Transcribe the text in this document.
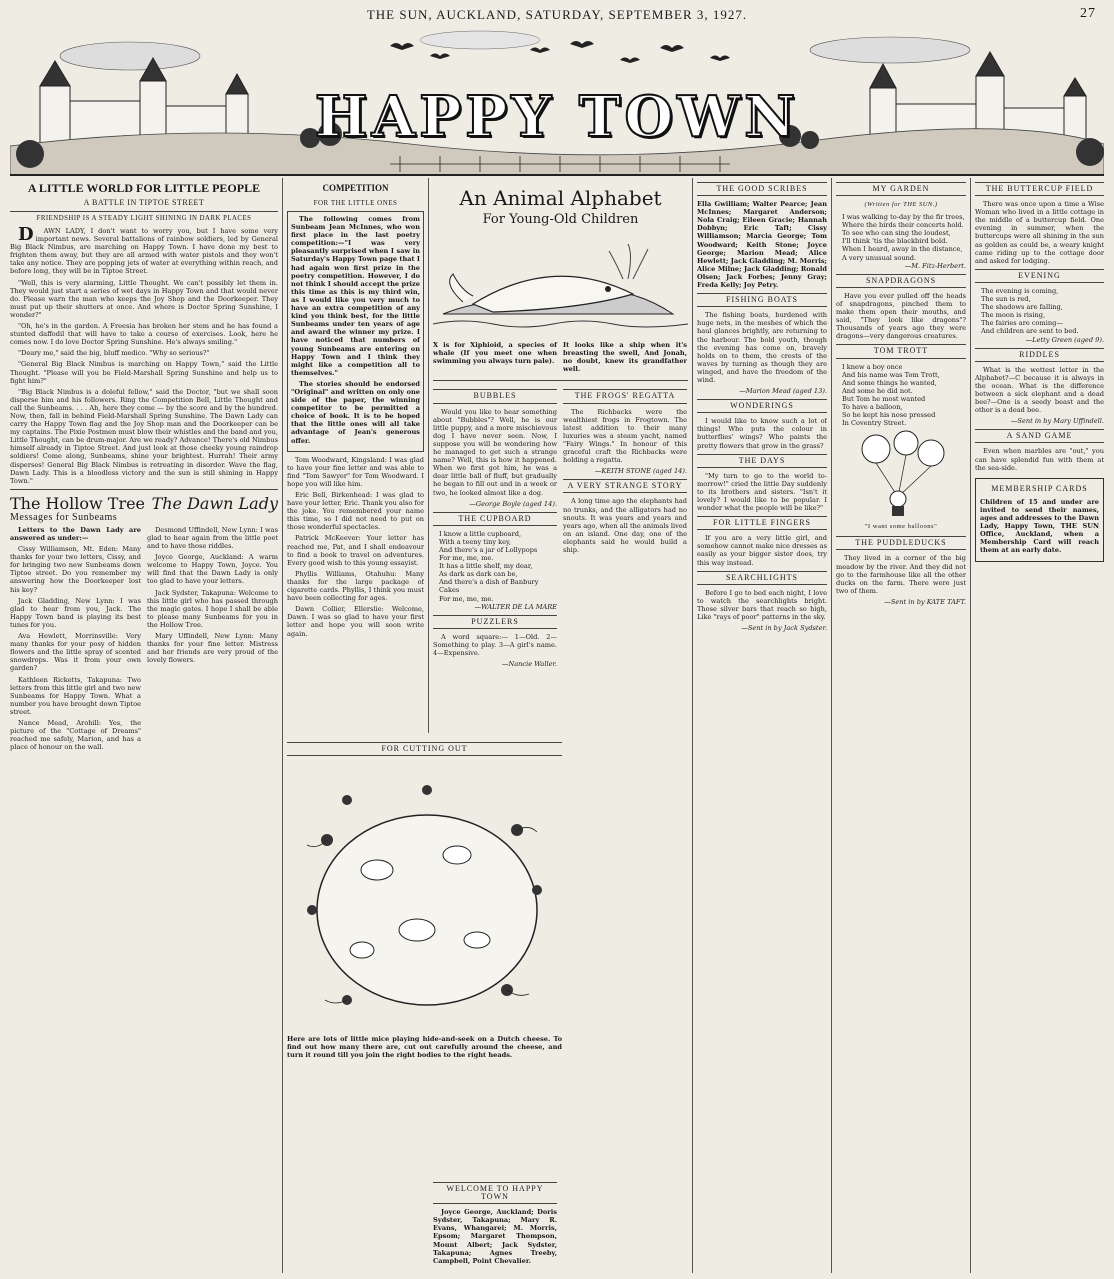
THE SUN, AUCKLAND, SATURDAY, SEPTEMBER 3, 1927.	27
HAPPY TOWN
A LITTLE WORLD FOR LITTLE PEOPLE
A BATTLE IN TIPTOE STREET
FRIENDSHIP IS A STEADY LIGHT SHINING IN DARK PLACES

DAWN LADY, I don't want to worry you, but I have some very important news. Several battalions of rainbow soldiers, led by General Big Black Nimbus, are marching on Happy Town. I have done my best to frighten them away, but they are all armed with water pistols and they won't take any notice. They are popping jets of water at everything within reach, and before long, they will be in Tiptoe Street.

"Well, this is very alarming, Little Thought. We can't possibly let them in. They would just start a series of wet days in Happy Town and that would never do. Please warn the man who keeps the Joy Shop and the Doorkeeper. They must put up their shutters at once. And where is Doctor Spring Sunshine, I wonder?"

"Oh, he's in the garden. A Freesia has broken her stem and he has found a stunted daffodil that will have to take a course of exercises. Look, here he comes now. I do love Doctor Spring Sunshine. He's always smiling."

"Deary me," said the big, bluff medico. "Why so serious?"

"General Big Black Nimbus is marching on Happy Town," said the Little Thought. "Please will you be Field-Marshall Spring Sunshine and help us to fight him?"

"Big Black Nimbus is a doleful fellow," said the Doctor, "but we shall soon disperse him and his followers. Ring the Competition Bell, Little Thought and call the Sunbeams. . . . Ah, here they come — by the score and by the hundred. Now, then, fall in behind Field-Marshall Spring Sunshine. The Dawn Lady can carry the Happy Town flag and the Joy Shop man and the Doorkeeper can be my captains. The Pixie Postmen must blow their whistles and the band and you, Little Thought, can be drum-major. Are we ready? Advance! There's old Nimbus himself already in Tiptoe Street. And just look at those cheeky young raindrop soldiers! Come along, Sunbeams, shine your brightest. Hurrah! Their army disperses! General Big Black Nimbus is retreating in disorder. Wave the flag, Dawn Lady. This is a bloodless victory and the sun is still shining in Happy Town."

The Hollow Tree The Dawn Lady
Messages for Sunbeams

Letters to the Dawn Lady are answered as under:—

Cissy Williamson, Mt. Eden: Many thanks for your two letters, Cissy, and for bringing two new Sunbeams down Tiptoe street. Do you remember my answering how the Doorkeeper lost his key?

Jack Gladding, New Lynn: I was glad to hear from you, Jack. The Happy Town band is playing its best tunes for you.

Ava Hewlett, Morrinsville: Very many thanks for your posy of hidden flowers and the little spray of scented snowdrops. Was it from your own garden?

Kathleen Ricketts, Takapuna: Two letters from this little girl and two new Sunbeams for Happy Town. What a number you have brought down Tiptoe street.

Nance Mead, Arohill: Yes, the picture of the "Cottage of Dreams" reached me safely, Marion, and has a place of honour on the wall.

Desmond Uffindell, New Lynn: I was glad to hear again from the little poet and to have those riddles.

Joyce George, Auckland: A warm welcome to Happy Town, Joyce. You will find that the Dawn Lady is only too glad to have your letters.

Jack Sydster, Takapuna: Welcome to this little girl who has passed through the magic gates. I hope I shall be able to please many Sunbeams for you in the Hollow Tree.

Mary Uffindell, New Lynn: Many thanks for your fine letter. Mistress and her friends are very proud of the lovely flowers.

COMPETITION
FOR THE LITTLE ONES

The following comes from Sunbeam Jean McInnes, who won first place in the last poetry competition:—"I was very pleasantly surprised when I saw in Saturday's Happy Town page that I had again won first prize in the poetry competition. However, I do not think I should accept the prize this time as this is my third win, as I would like you very much to have an extra competition of any kind you think best, for the little Sunbeams under ten years of age and award the winner my prize. I have noticed that numbers of young Sunbeams are entering on Happy Town and I think they might like a competition all to themselves."

The stories should be endorsed "Original" and written on only one side of the paper, the winning competitor to be permitted a choice of book. It is to be hoped that the little ones will all take advantage of Jean's generous offer.

Tom Woodward, Kingsland: I was glad to have your fine letter and was able to find "Tom Sawyer" for Tom Woodward. I hope you will like him.

Eric Bell, Birkenhead: I was glad to have your letter, Eric. Thank you also for the joke. You remembered your name this time, so I did not need to put on those wonderful spectacles.

Patrick McKeever: Your letter has reached me, Pat, and I shall endeavour to find a book to travel on adventures. Every good wish to this young essayist.

Phyllis Williams, Otahuhu: Many thanks for the large package of cigarette cards. Phyllis, I think you must have been collecting for ages.

Dawn Collier, Ellerslie: Welcome, Dawn. I was so glad to have your first letter and hope you will soon write again.

FOR CUTTING OUT

Here are lots of little mice playing hide-and-seek on a Dutch cheese. To find out how many there are, cut out carefully around the cheese, and turn it round till you join the right bodies to the right heads.

An Animal Alphabet
For Young-Old Children

X is for Xiphioid, a species of whale (If you meet one when swimming you always turn pale).

It looks like a ship when it's breasting the swell, And Jonah, no doubt, knew its grandfather well.

BUBBLES

Would you like to hear something about "Bubbles"? Well, he is our little puppy, and a more mischievous dog I have never seen. Now, I suppose you will be wondering how he managed to get such a strange name? Well, this is how it happened. When we first got him, he was a dear little ball of fluff, but gradually he began to fill out and in a week or two, he looked almost like a dog.

—George Boyle (aged 14).

THE CUPBOARD
I know a little cupboard,
With a teeny tiny key,
And there's a jar of Lollypops
For me, me, me.
It has a little shelf, my dear,
As dark as dark can be,
And there's a dish of Banbury Cakes
For me, me, me.

—WALTER DE LA MARE

PUZZLERS

A word square:— 1—Old. 2—Something to play. 3—A girl's name. 4—Expensive.

—Nancie Waller.

THE FROGS' REGATTA

The Richbacks were the wealthiest frogs in Frogtown. The latest addition to their many luxuries was a steam yacht, named "Fairy Wings." In honour of this graceful craft the Richbacks were holding a regatta.

—KEITH STONE (aged 14).

A VERY STRANGE STORY

A long time ago the elephants had no trunks, and the alligators had no snouts. It was years and years and years ago, when all the animals lived on an island. One day, one of the elephants said he would build a ship.

WELCOME TO HAPPY TOWN

Joyce George, Auckland; Doris Sydster, Takapuna; Mary R. Evans, Whangarei; M. Morris, Epsom; Margaret Thompson, Mount Albert; Jack Sydster, Takapuna; Agnes Treeby, Campbell, Point Chevalier.

THE GOOD SCRIBES

Ella Gwilliam; Walter Pearce; Jean McInnes; Margaret Anderson; Nola Craig; Eileen Gracie; Hannah Dobbyn; Eric Taft; Cissy Williamson; Marcia George; Tom Woodward; Keith Stone; Joyce George; Marion Mead; Alice Hewlett; Jack Gladding; M. Morris; Alice Milne; Jack Gladding; Ronald Olsen; Jack Forbes; Jenny Gray; Freda Kelly; Joy Petry.

FISHING BOATS

The fishing boats, burdened with huge nets, in the meshes of which the haul glances brightly, are returning to the harbour. The bold youth, though the evening has come on, bravely holds on to them, the crests of the waves by turning as though they are winged, and have the freedom of the wind.

—Marion Mead (aged 13).

WONDERINGS

I would like to know such a lot of things! Who puts the colour in butterflies' wings? Who paints the pretty flowers that grow in the grass?

THE DAYS

"My turn to go to the world to-morrow!" cried the little Day suddenly to its brothers and sisters. "Isn't it lovely? I would like to be popular. I wonder what the people will be like?"

FOR LITTLE FINGERS

If you are a very little girl, and somehow cannot make nice dresses as easily as your bigger sister does, try this way instead.

SEARCHLIGHTS

Before I go to bed each night, I love to watch the searchlights bright. Those silver bars that reach so high, Like "rays of poor" patterns in the sky.

—Sent in by Jack Sydster.

MY GARDEN
(Written for THE SUN.)
I was walking to-day by the fir trees,
Where the birds their concerts hold.
To see who can sing the loudest,
I'll think 'tis the blackbird bold.
When I heard, away in the distance,
A very unusual sound.

—M. Fitz-Herbert.

SNAPDRAGONS

Have you ever pulled off the heads of snapdragons, pinched them to make them open their mouths, and said, "They look like dragons"? Thousands of years ago they were dragons—very dangerous creatures.

TOM TROTT
I knew a boy once
And his name was Tom Trott,
And some things he wanted,
And some he did not.
But Tom he most wanted
To have a balloon,
So he kept his nose pressed
In Coventry Street.
"I want some balloons"
THE PUDDLEDUCKS

They lived in a corner of the big meadow by the river. And they did not go to the farmhouse like all the other ducks on the farm. There were just two of them.

—Sent in by KATE TAFT.

THE BUTTERCUP FIELD

There was once upon a time a Wise Woman who lived in a little cottage in the middle of a buttercup field. One evening in summer, when the buttercups were all shining in the sun as golden as could be, a weary knight came riding up to the cottage door and asked for lodging.

EVENING
The evening is coming,
The sun is red,
The shadows are falling,
The moon is rising,
The fairies are coming—
And children are sent to bed.

—Letty Green (aged 9).

RIDDLES

What is the wettest letter in the Alphabet?—C because it is always in the ocean. What is the difference between a sick elephant and a dead bee?—One is a seedy beast and the other is a dead bee.

—Sent in by Mary Uffindell.

A SAND GAME

Even when marbles are "out," you can have splendid fun with them at the sea-side.

MEMBERSHIP CARDS

Children of 15 and under are invited to send their names, ages and addresses to the Dawn Lady, Happy Town, THE SUN Office, Auckland, when a Membership Card will reach them at an early date.
